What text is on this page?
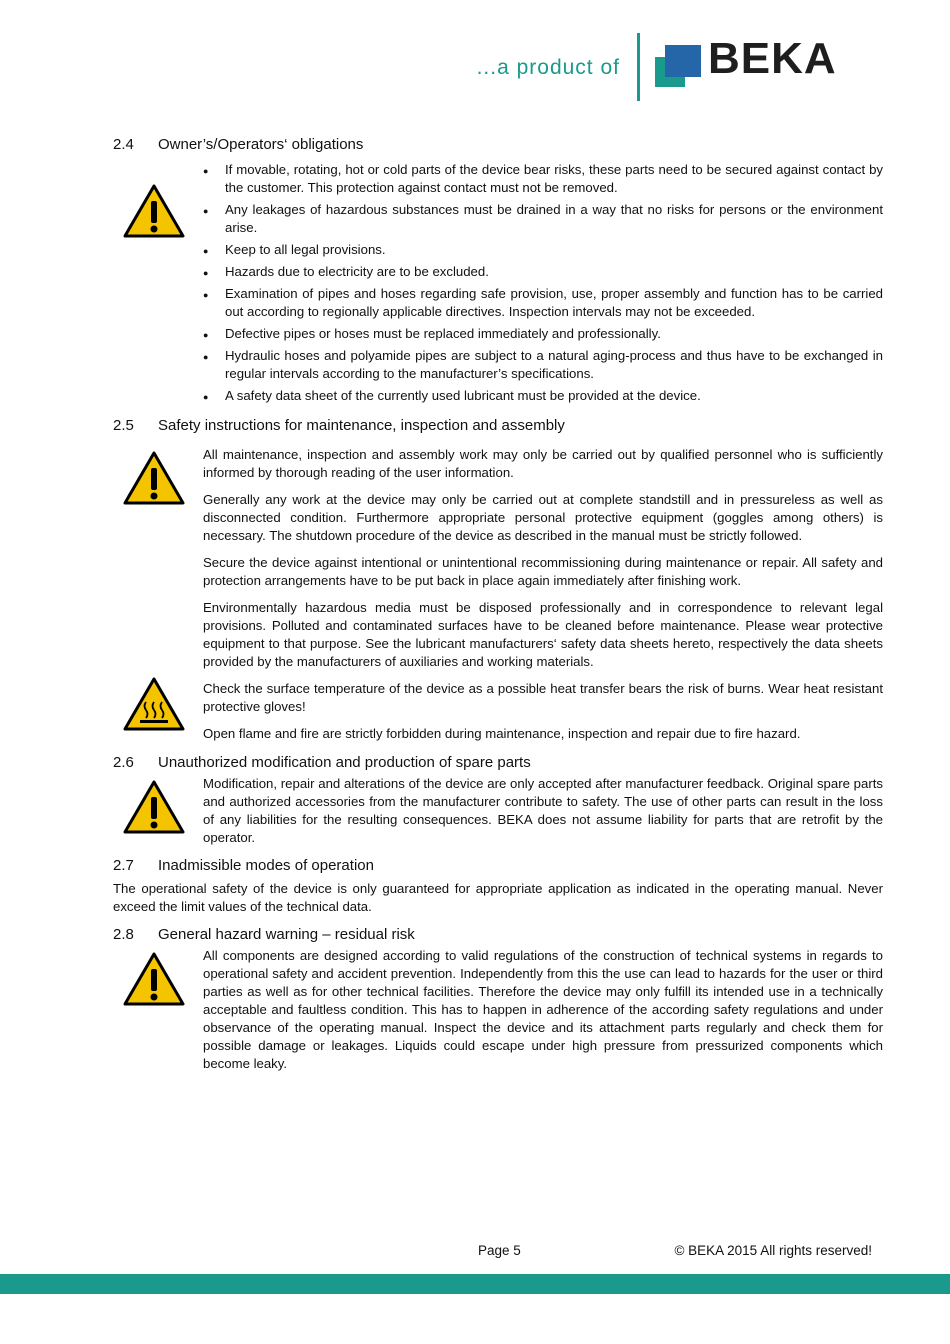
...a product of BEKA
2.4	Owner’s/Operators‘ obligations
● If movable, rotating, hot or cold parts of the device bear risks, these parts need to be secured against contact by the customer. This protection against contact must not be removed.
● Any leakages of hazardous substances must be drained in a way that no risks for persons or the environment arise.
● Keep to all legal provisions.
● Hazards due to electricity are to be excluded.
● Examination of pipes and hoses regarding safe provision, use, proper assembly and function has to be carried out according to regionally applicable directives. Inspection intervals may not be exceeded.
● Defective pipes or hoses must be replaced immediately and professionally.
● Hydraulic hoses and polyamide pipes are subject to a natural aging-process and thus have to be exchanged in regular intervals according to the manufacturer’s specifications.
● A safety data sheet of the currently used lubricant must be provided at the device.
2.5	Safety instructions for maintenance, inspection and assembly

All maintenance, inspection and assembly work may only be carried out by qualified personnel who is sufficiently informed by thorough reading of the user information.

Generally any work at the device may only be carried out at complete standstill and in pressureless as well as disconnected condition. Furthermore appropriate personal protective equipment (goggles among others) is necessary. The shutdown procedure of the device as described in the manual must be strictly followed.

Secure the device against intentional or unintentional recommissioning during maintenance or repair. All safety and protection arrangements have to be put back in place again immediately after finishing work.

Environmentally hazardous media must be disposed professionally and in correspondence to relevant legal provisions. Polluted and contaminated surfaces have to be cleaned before maintenance. Please wear protective equipment to that purpose. See the lubricant manufacturers‘ safety data sheets hereto, respectively the data sheets provided by the manufacturers of auxiliaries and working materials.

Check the surface temperature of the device as a possible heat transfer bears the risk of burns. Wear heat resistant protective gloves!

Open flame and fire are strictly forbidden during maintenance, inspection and repair due to fire hazard.

2.6	Unauthorized modification and production of spare parts

Modification, repair and alterations of the device are only accepted after manufacturer feedback. Original spare parts and authorized accessories from the manufacturer contribute to safety. The use of other parts can result in the loss of any liabilities for the resulting consequences. BEKA does not assume liability for parts that are retrofit by the operator.

2.7	Inadmissible modes of operation

The operational safety of the device is only guaranteed for appropriate application as indicated in the operating manual. Never exceed the limit values of the technical data.

2.8	General hazard warning – residual risk

All components are designed according to valid regulations of the construction of technical systems in regards to operational safety and accident prevention. Independently from this the use can lead to hazards for the user or third parties as well as for other technical facilities. Therefore the device may only fulfill its intended use in a technically acceptable and faultless condition. This has to happen in adherence of the according safety regulations and under observance of the operating manual. Inspect the device and its attachment parts regularly and check them for possible damage or leakages. Liquids could escape under high pressure from pressurized components which become leaky.

Page 5	© BEKA 2015 All rights reserved!
